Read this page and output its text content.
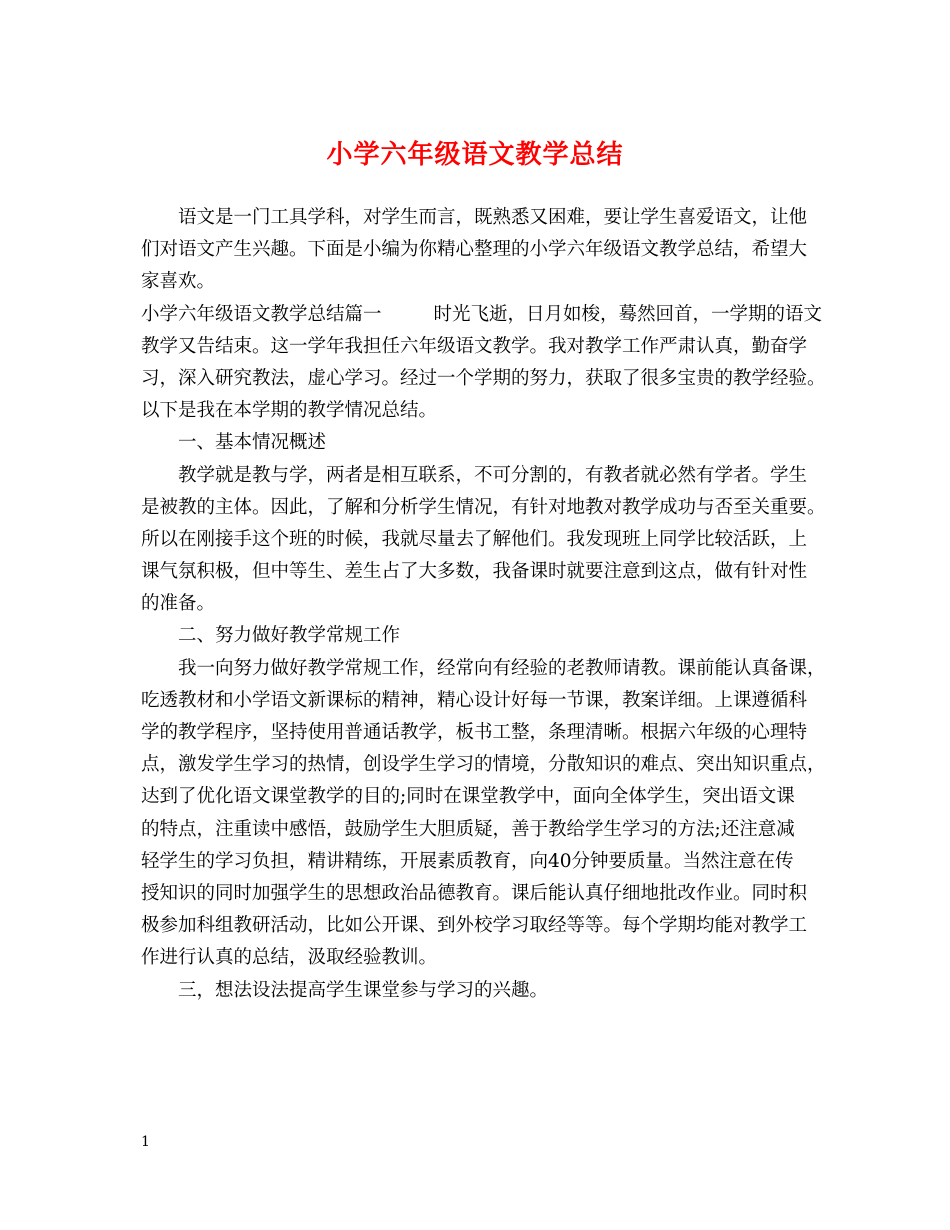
小学六年级语文教学总结
语文是一门工具学科，对学生而言，既熟悉又困难，要让学生喜爱语文，让他
们对语文产生兴趣。下面是小编为你精心整理的小学六年级语文教学总结，希望大
家喜欢。
小学六年级语文教学总结篇一	时光飞逝，日月如梭，蓦然回首，一学期的语文
教学又告结束。这一学年我担任六年级语文教学。我对教学工作严肃认真，勤奋学
习，深入研究教法，虚心学习。经过一个学期的努力，获取了很多宝贵的教学经验。
以下是我在本学期的教学情况总结。
一、基本情况概述
教学就是教与学，两者是相互联系，不可分割的，有教者就必然有学者。学生
是被教的主体。因此，了解和分析学生情况，有针对地教对教学成功与否至关重要。
所以在刚接手这个班的时候，我就尽量去了解他们。我发现班上同学比较活跃，上
课气氛积极，但中等生、差生占了大多数，我备课时就要注意到这点，做有针对性
的准备。
二、努力做好教学常规工作
我一向努力做好教学常规工作，经常向有经验的老教师请教。课前能认真备课，
吃透教材和小学语文新课标的精神，精心设计好每一节课，教案详细。上课遵循科
学的教学程序，坚持使用普通话教学，板书工整，条理清晰。根据六年级的心理特
点，激发学生学习的热情，创设学生学习的情境，分散知识的难点、突出知识重点，
达到了优化语文课堂教学的目的;同时在课堂教学中，面向全体学生，突出语文课
的特点，注重读中感悟，鼓励学生大胆质疑，善于教给学生学习的方法;还注意减
轻学生的学习负担，精讲精练，开展素质教育，向40分钟要质量。当然注意在传
授知识的同时加强学生的思想政治品德教育。课后能认真仔细地批改作业。同时积
极参加科组教研活动，比如公开课、到外校学习取经等等。每个学期均能对教学工
作进行认真的总结，汲取经验教训。
三，想法设法提高学生课堂参与学习的兴趣。
1
